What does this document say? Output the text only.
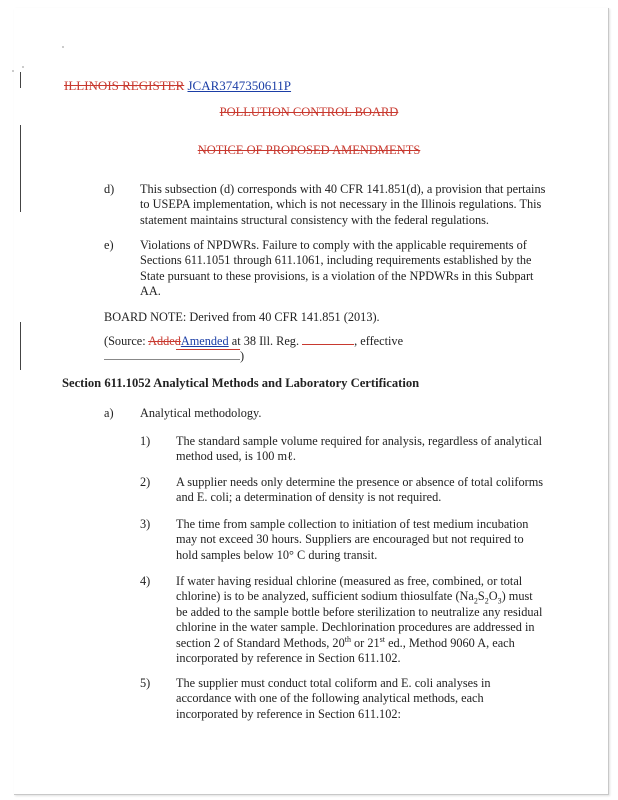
ILLINOIS REGISTER JCAR3747350611P
POLLUTION CONTROL BOARD
NOTICE OF PROPOSED AMENDMENTS
d) This subsection (d) corresponds with 40 CFR 141.851(d), a provision that pertains
to USEPA implementation, which is not necessary in the Illinois regulations. This
statement maintains structural consistency with the federal regulations.
e) Violations of NPDWRs. Failure to comply with the applicable requirements of
Sections 611.1051 through 611.1061, including requirements established by the
State pursuant to these provisions, is a violation of the NPDWRs in this Subpart
AA.
BOARD NOTE: Derived from 40 CFR 141.851 (2013).
(Source: AddedAmended at 38 Ill. Reg.	, effective
)
Section 611.1052 Analytical Methods and Laboratory Certification
a) Analytical methodology.
1) The standard sample volume required for analysis, regardless of analytical
method used, is 100 mℓ.
2) A supplier needs only determine the presence or absence of total coliforms
and E. coli; a determination of density is not required.
3) The time from sample collection to initiation of test medium incubation
may not exceed 30 hours. Suppliers are encouraged but not required to
hold samples below 10° C during transit.
4) If water having residual chlorine (measured as free, combined, or total
chlorine) is to be analyzed, sufficient sodium thiosulfate $(Na_2S_2O_3)$ must
be added to the sample bottle before sterilization to neutralize any residual
chlorine in the water sample. Dechlorination procedures are addressed in
section 2 of Standard Methods, 20th or 21st ed., Method 9060 A, each
incorporated by reference in Section 611.102.
5) The supplier must conduct total coliform and E. coli analyses in
accordance with one of the following analytical methods, each
incorporated by reference in Section 611.102:
